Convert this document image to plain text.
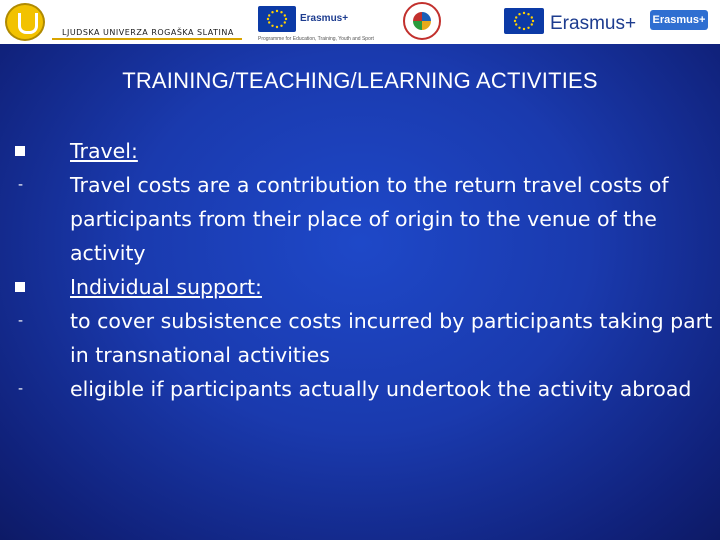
LJUDSKA UNIVERZA ROGAŠKA SLATINA
Erasmus+
Programme for Education, Training, Youth and Sport
Erasmus+ Erasmus+
TRAINING/TEACHING/LEARNING ACTIVITIES
Travel:
- Travel costs are a contribution to the return travel costs of participants from their place of origin to the venue of the activity
Individual support:
- to cover subsistence costs incurred by participants taking part in transnational activities
- eligible if participants actually undertook the activity abroad
